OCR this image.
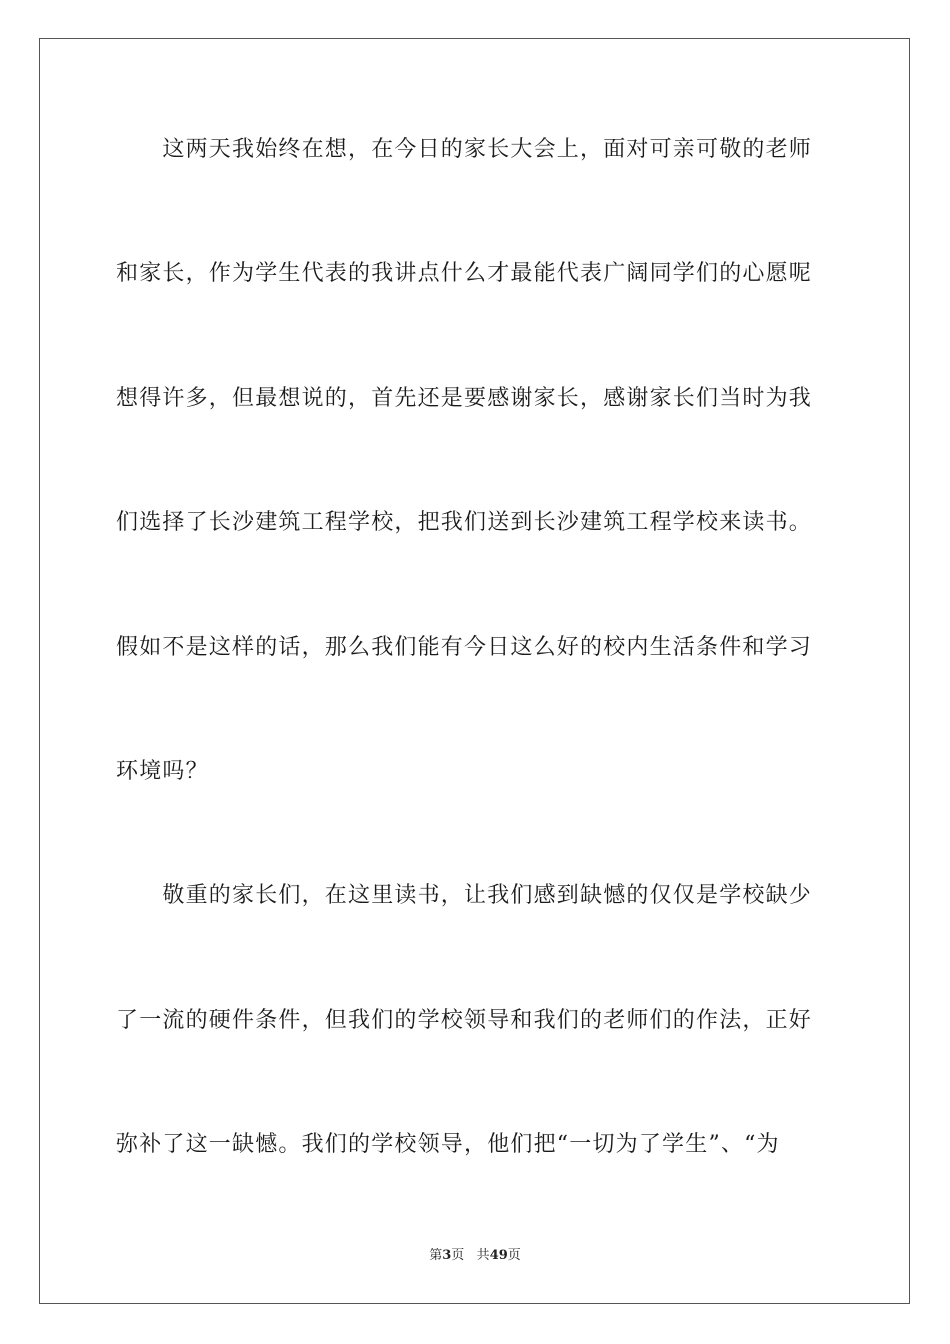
　　这两天我始终在想，在今日的家长大会上，面对可亲可敬的老师
和家长，作为学生代表的我讲点什么才最能代表广阔同学们的心愿呢
想得许多，但最想说的，首先还是要感谢家长，感谢家长们当时为我
们选择了长沙建筑工程学校，把我们送到长沙建筑工程学校来读书。
假如不是这样的话，那么我们能有今日这么好的校内生活条件和学习
环境吗？
　　敬重的家长们，在这里读书，让我们感到缺憾的仅仅是学校缺少
了一流的硬件条件，但我们的学校领导和我们的老师们的作法，正好
弥补了这一缺憾。我们的学校领导，他们把“一切为了学生”、“为
第3页 共49页
